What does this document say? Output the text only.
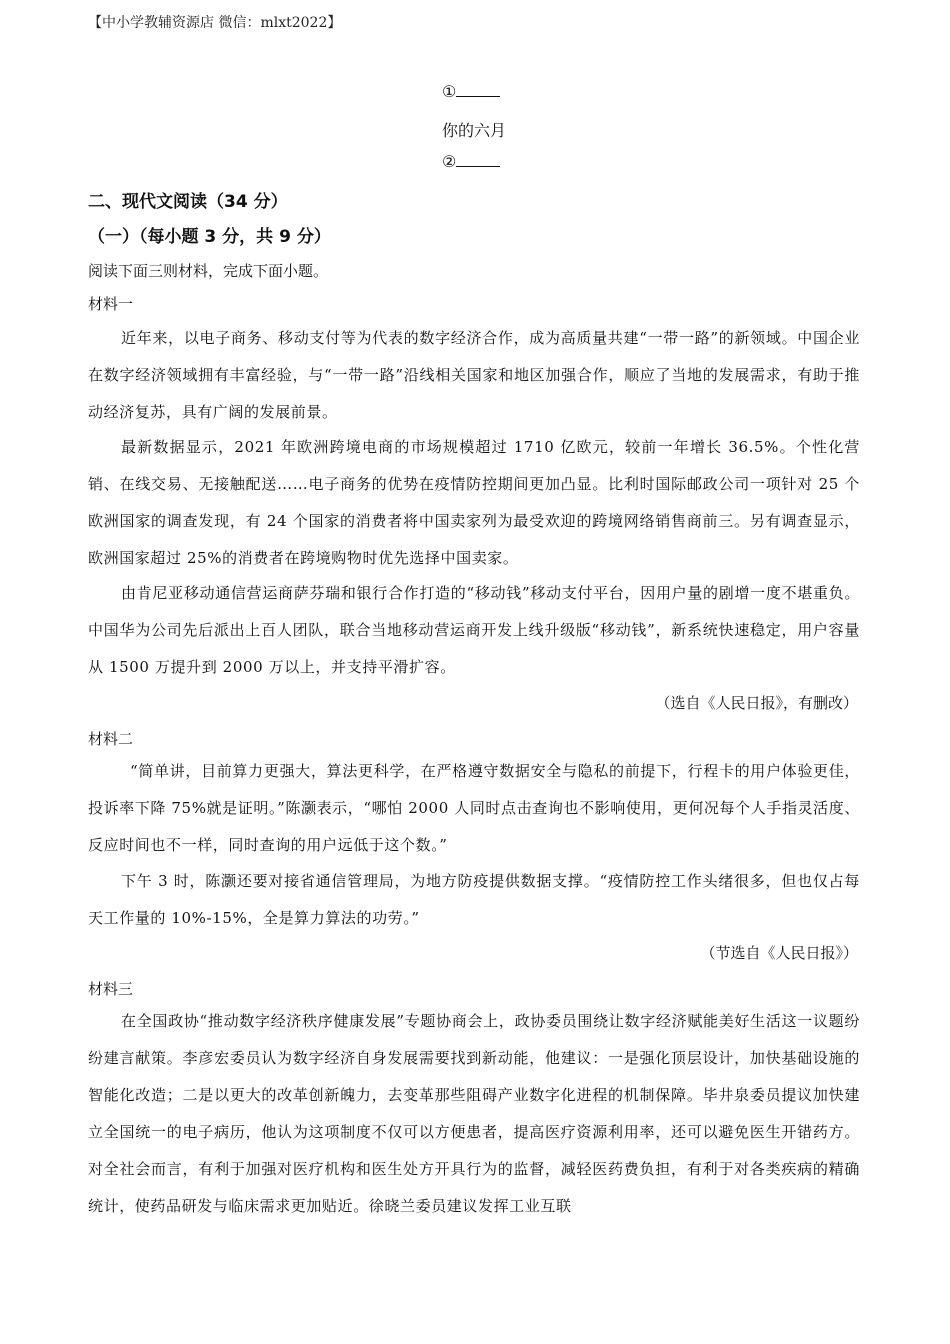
【中小学教辅资源店 微信：mlxt2022】
①
你的六月
②
二、现代文阅读（34 分）
（一）（每小题 3 分，共 9 分）
阅读下面三则材料，完成下面小题。
材料一
近年来，以电子商务、移动支付等为代表的数字经济合作，成为高质量共建“一带一路”的新领域。中国企业在数字经济领域拥有丰富经验，与“一带一路”沿线相关国家和地区加强合作，顺应了当地的发展需求，有助于推动经济复苏，具有广阔的发展前景。
最新数据显示，2021 年欧洲跨境电商的市场规模超过 1710 亿欧元，较前一年增长 36.5%。个性化营销、在线交易、无接触配送……电子商务的优势在疫情防控期间更加凸显。比利时国际邮政公司一项针对 25 个欧洲国家的调查发现，有 24 个国家的消费者将中国卖家列为最受欢迎的跨境网络销售商前三。另有调查显示，欧洲国家超过 25%的消费者在跨境购物时优先选择中国卖家。
由肯尼亚移动通信营运商萨芬瑞和银行合作打造的“移动钱”移动支付平台，因用户量的剧增一度不堪重负。中国华为公司先后派出上百人团队，联合当地移动营运商开发上线升级版“移动钱”，新系统快速稳定，用户容量从 1500 万提升到 2000 万以上，并支持平滑扩容。
（选自《人民日报》，有删改）
材料二
“简单讲，目前算力更强大，算法更科学，在严格遵守数据安全与隐私的前提下，行程卡的用户体验更佳，投诉率下降 75%就是证明。”陈灏表示，“哪怕 2000 人同时点击查询也不影响使用，更何况每个人手指灵活度、反应时间也不一样，同时查询的用户远低于这个数。”
下午 3 时，陈灏还要对接省通信管理局，为地方防疫提供数据支撑。“疫情防控工作头绪很多，但也仅占每天工作量的 10%-15%，全是算力算法的功劳。”
（节选自《人民日报》）
材料三
在全国政协“推动数字经济秩序健康发展”专题协商会上，政协委员围绕让数字经济赋能美好生活这一议题纷纷建言献策。李彦宏委员认为数字经济自身发展需要找到新动能，他建议：一是强化顶层设计，加快基础设施的智能化改造；二是以更大的改革创新魄力，去变革那些阻碍产业数字化进程的机制保障。毕井泉委员提议加快建立全国统一的电子病历，他认为这项制度不仅可以方便患者，提高医疗资源利用率，还可以避免医生开错药方。对全社会而言，有利于加强对医疗机构和医生处方开具行为的监督，减轻医药费负担，有利于对各类疾病的精确统计，使药品研发与临床需求更加贴近。徐晓兰委员建议发挥工业互联
